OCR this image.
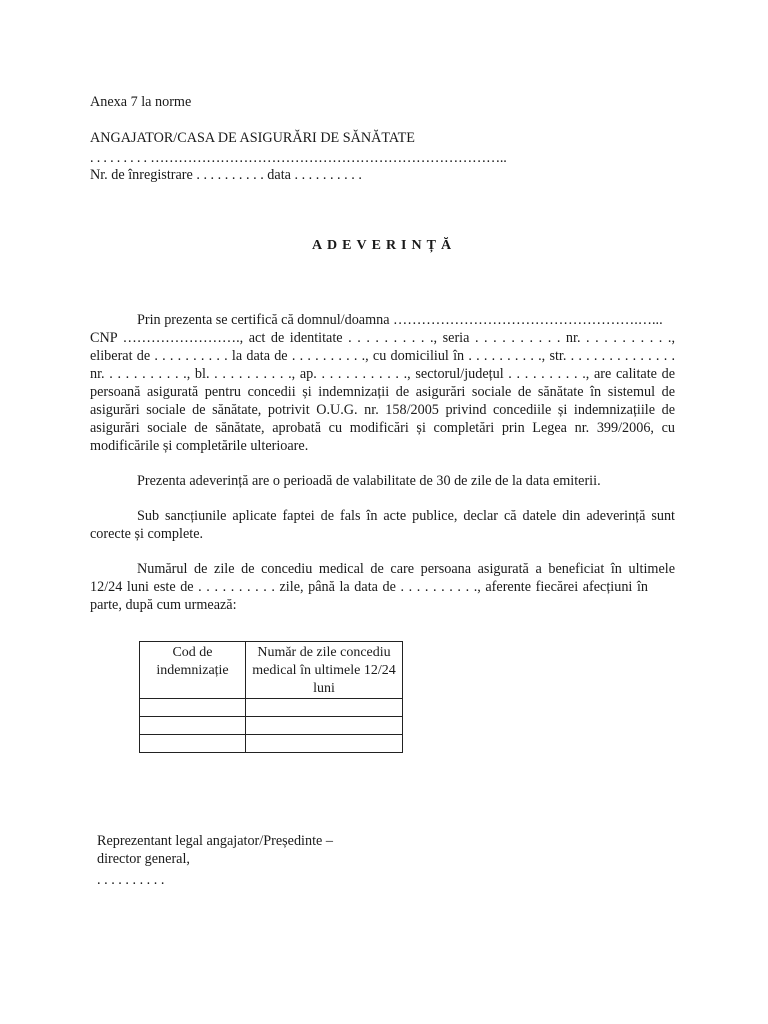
Anexa 7 la norme
ANGAJATOR/CASA DE ASIGURĂRI DE SĂNĂTATE
. . . . . . . . . …………………………………………………………………..
Nr. de înregistrare . . . . . . . . . . data . . . . . . . . . .
ADEVERINȚĂ
Prin prezenta se certifică că domnul/doamna …………………………………………….…...
CNP ……………………., act de identitate . . . . . . . . . ., seria . . . . . . . . . . nr. . . . . . . . . . .,
eliberat de . . . . . . . . . . la data de . . . . . . . . . ., cu domiciliul în . . . . . . . . . ., str. . . . . . . . . . . . . . .
nr. . . . . . . . . . ., bl. . . . . . . . . . ., ap. . . . . . . . . . . ., sectorul/județul . . . . . . . . . ., are calitate de
persoană asigurată pentru concedii și indemnizații de asigurări sociale de sănătate în sistemul de
asigurări sociale de sănătate, potrivit O.U.G. nr. 158/2005 privind concediile și indemnizațiile de
asigurări sociale de sănătate, aprobată cu modificări și completări prin Legea nr. 399/2006, cu
modificările și completările ulterioare.
Prezenta adeverință are o perioadă de valabilitate de 30 de zile de la data emiterii.
Sub sancțiunile aplicate faptei de fals în acte publice, declar că datele din adeverință sunt
corecte și complete.
Numărul de zile de concediu medical de care persoana asigurată a beneficiat în ultimele
12/24 luni este de . . . . . . . . . . zile, până la data de . . . . . . . . . ., aferente fiecărei afecțiuni în
parte, după cum urmează:
Cod de indemnizație	Număr de zile concediu medical în ultimele 12/24 luni

Reprezentant legal angajator/Președinte –
director general,
. . . . . . . . . .
